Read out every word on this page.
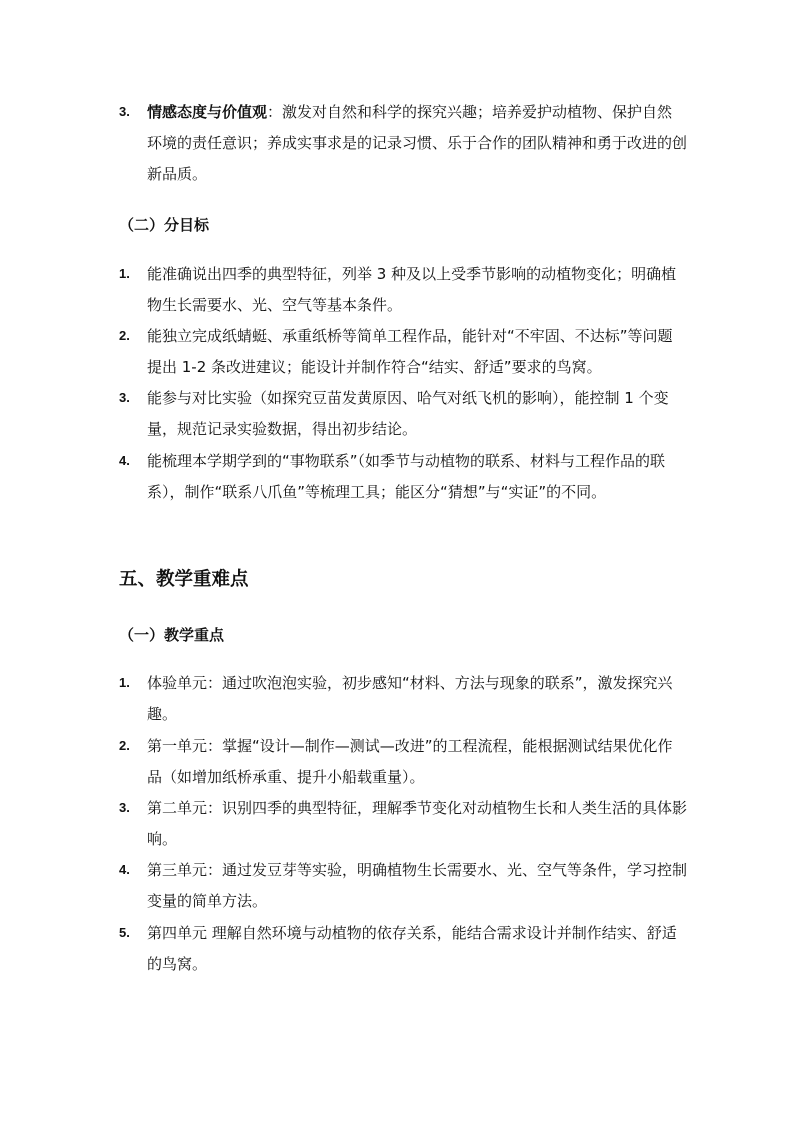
3. 情感态度与价值观：激发对自然和科学的探究兴趣；培养爱护动植物、保护自然环境的责任意识；养成实事求是的记录习惯、乐于合作的团队精神和勇于改进的创新品质。
（二）分目标
1. 能准确说出四季的典型特征，列举 3 种及以上受季节影响的动植物变化；明确植物生长需要水、光、空气等基本条件。
2. 能独立完成纸蜻蜓、承重纸桥等简单工程作品，能针对“不牢固、不达标”等问题提出 1-2 条改进建议；能设计并制作符合“结实、舒适”要求的鸟窝。
3. 能参与对比实验（如探究豆苗发黄原因、哈气对纸飞机的影响），能控制 1 个变量，规范记录实验数据，得出初步结论。
4. 能梳理本学期学到的“事物联系”（如季节与动植物的联系、材料与工程作品的联系），制作“联系八爪鱼”等梳理工具；能区分“猜想”与“实证”的不同。
五、教学重难点
（一）教学重点
1. 体验单元：通过吹泡泡实验，初步感知“材料、方法与现象的联系”，激发探究兴趣。
2. 第一单元：掌握“设计—制作—测试—改进”的工程流程，能根据测试结果优化作品（如增加纸桥承重、提升小船载重量）。
3. 第二单元：识别四季的典型特征，理解季节变化对动植物生长和人类生活的具体影响。
4. 第三单元：通过发豆芽等实验，明确植物生长需要水、光、空气等条件，学习控制变量的简单方法。
5. 第四单元 理解自然环境与动植物的依存关系，能结合需求设计并制作结实、舒适的鸟窝。
